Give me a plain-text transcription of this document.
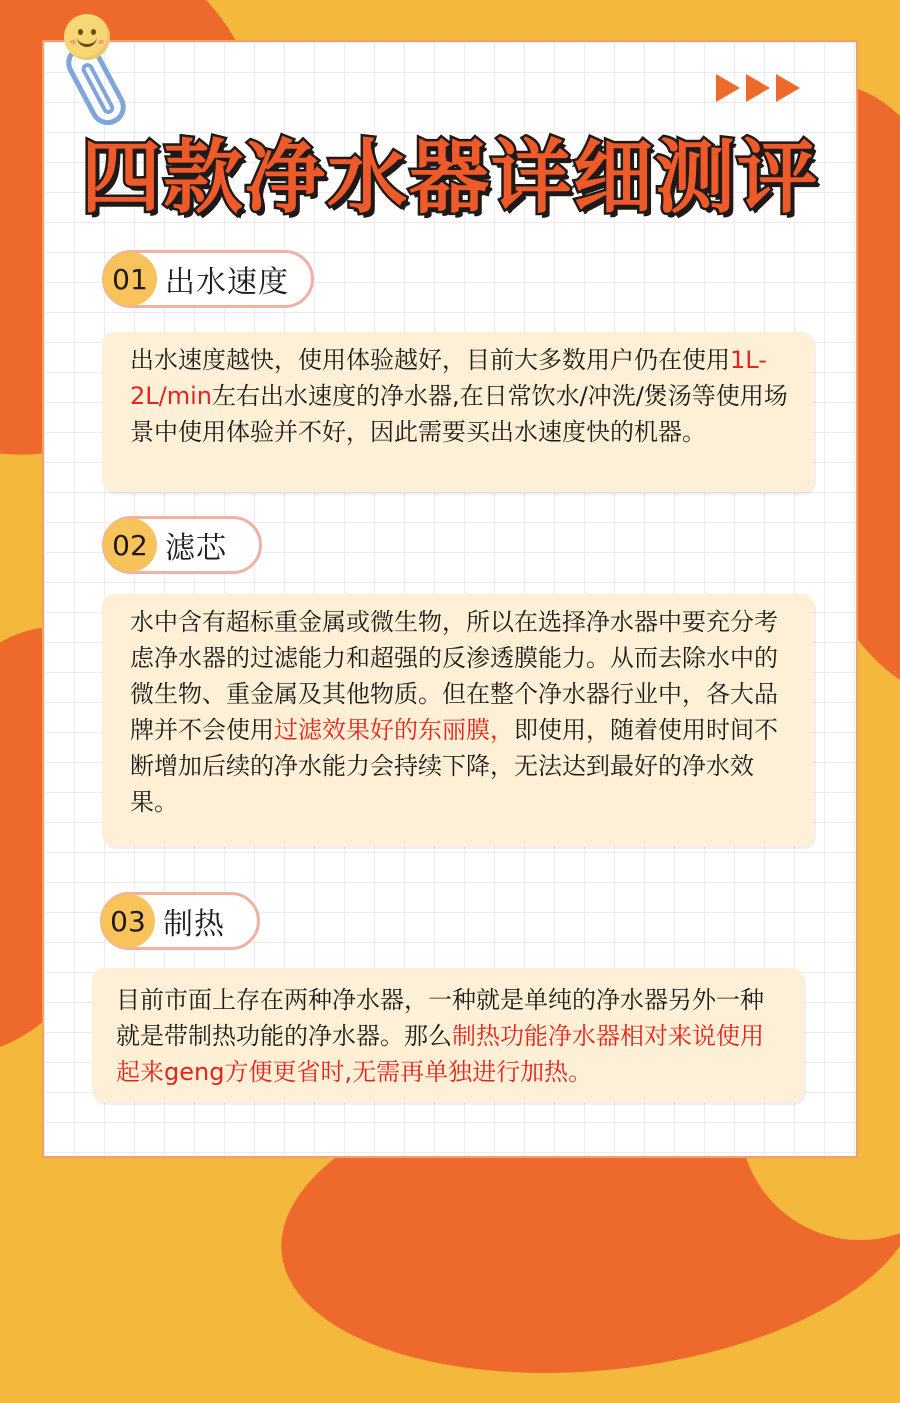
四款净水器详细测评
01 出水速度
出水速度越快，使用体验越好，目前大多数用户仍在使用1L-2L/min左右出水速度的净水器,在日常饮水/冲洗/煲汤等使用场景中使用体验并不好，因此需要买出水速度快的机器。
02 滤芯
水中含有超标重金属或微生物，所以在选择净水器中要充分考虑净水器的过滤能力和超强的反渗透膜能力。从而去除水中的微生物、重金属及其他物质。但在整个净水器行业中，各大品牌并不会使用过滤效果好的东丽膜，即使用，随着使用时间不断增加后续的净水能力会持续下降，无法达到最好的净水效果。
03 制热
目前市面上存在两种净水器，一种就是单纯的净水器另外一种就是带制热功能的净水器。那么制热功能净水器相对来说使用起来geng方便更省时,无需再单独进行加热。
